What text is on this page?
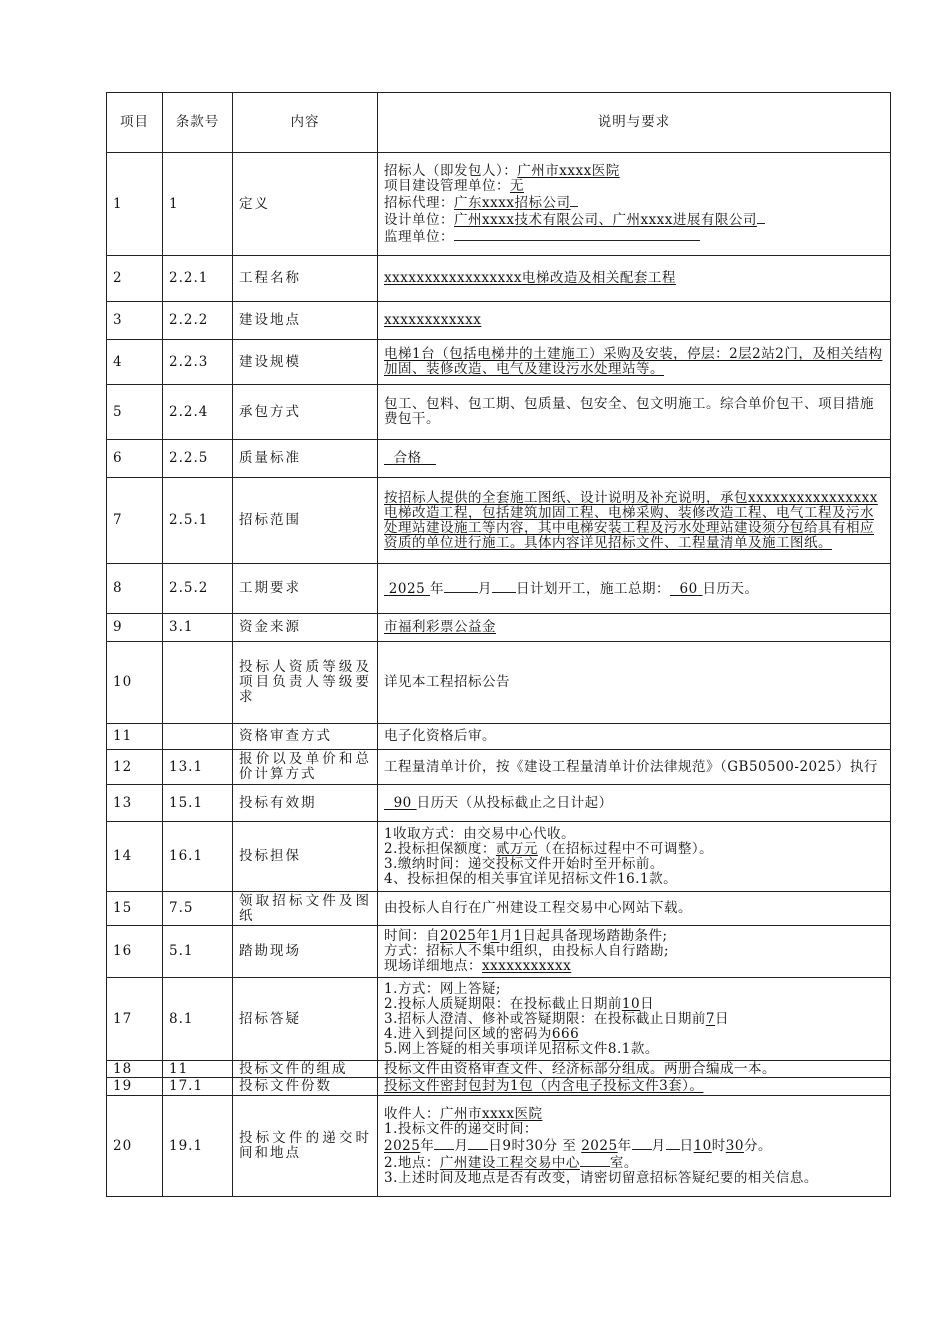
项目	条款号	内容	说明与要求
1	1	定义	招标人（即发包人）：广州市xxxx医院
项目建设管理单位：无
招标代理：广东xxxx招标公司
设计单位：广州xxxx技术有限公司、广州xxxx进展有限公司
监理单位：

2	2.2.1	工程名称	xxxxxxxxxxxxxxxxx电梯改造及相关配套工程
3	2.2.2	建设地点	xxxxxxxxxxxx
4	2.2.3	建设规模	电梯1台（包括电梯井的土建施工）采购及安装，停层：2层2站2门，及相关结构加固、装修改造、电气及建设污水处理站等。

5	2.2.4	承包方式	包工、包料、包工期、包质量、包安全、包文明施工。综合单价包干、项目措施费包干。
6	2.2.5	质量标准	合格
7	2.5.1	招标范围	按招标人提供的全套施工图纸、设计说明及补充说明，承包xxxxxxxxxxxxxxxx电梯改造工程，包括建筑加固工程、电梯采购、装修改造工程、电气工程及污水处理站建设施工等内容，其中电梯安装工程及污水处理站建设须分包给具有相应资质的单位进行施工。具体内容详见招标文件、工程量清单及施工图纸。

8	2.5.2	工期要求	2025 年 月 日计划开工，施工总期： 60 日历天。

9	3.1	资金来源	市福利彩票公益金
10		投标人资质等级及项目负责人等级要求	详见本工程招标公告
11		资格审查方式	电子化资格后审。
12	13.1	报价以及单价和总价计算方式	工程量清单计价，按《建设工程量清单计价法律规范》（GB50500-2025）执行
13	15.1	投标有效期	90 日历天（从投标截止之日计起）
14	16.1	投标担保	1收取方式：由交易中心代收。
2.投标担保额度：贰万元（在招标过程中不可调整）。
3.缴纳时间：递交投标文件开始时至开标前。
4、投标担保的相关事宜详见招标文件16.1款。

15	7.5	领取招标文件及图纸	由投标人自行在广州建设工程交易中心网站下载。
16	5.1	踏勘现场	时间：自2025年1月1日起具备现场踏勘条件;
方式：招标人不集中组织，由投标人自行踏勘;
现场详细地点：xxxxxxxxxxx

17	8.1	招标答疑	1.方式：网上答疑;
2.投标人质疑期限：在投标截止日期前10日
3.招标人澄清、修补或答疑期限：在投标截止日期前7日
4.进入到提问区域的密码为666
5.网上答疑的相关事项详见招标文件8.1款。

18	11	投标文件的组成	投标文件由资格审查文件、经济标部分组成。两册合编成一本。
19	17.1	投标文件份数	投标文件密封包封为1包（内含电子投标文件3套）。
20	19.1	投标文件的递交时间和地点	收件人：广州市xxxx医院
1.投标文件的递交时间：
2025年 月 日9时30分 至 2025年 月 日10时30分。
2.地点：广州建设工程交易中心 室。
3.上述时间及地点是否有改变，请密切留意招标答疑纪要的相关信息。
